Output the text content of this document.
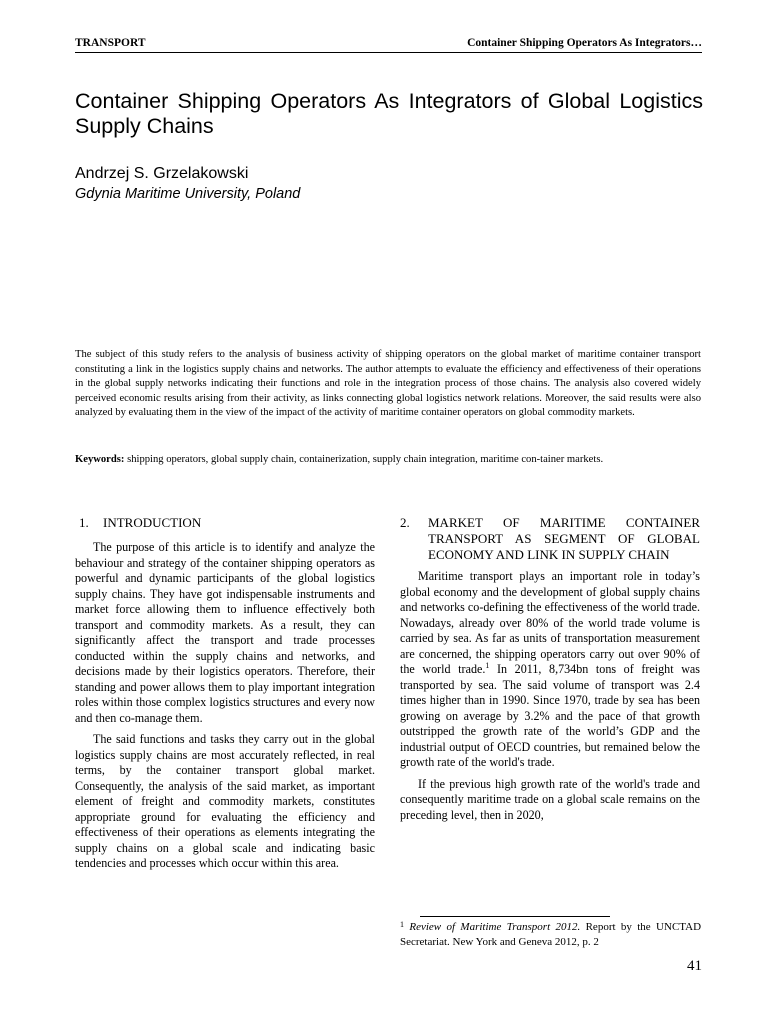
TRANSPORT	Container Shipping Operators As Integrators…
Container Shipping Operators As Integrators of Global Logistics Supply Chains
Andrzej S. Grzelakowski
Gdynia Maritime University, Poland

The subject of this study refers to the analysis of business activity of shipping operators on the global market of maritime container transport constituting a link in the logistics supply chains and networks. The author attempts to evaluate the efficiency and effectiveness of their operations in the global supply networks indicating their functions and role in the integration process of those chains. The analysis also covered widely perceived economic results arising from their activity, as links connecting global logistics network relations. Moreover, the said results were also analyzed by evaluating them in the view of the impact of the activity of maritime container operators on global commodity markets.

Keywords: shipping operators, global supply chain, containerization, supply chain integration, maritime con-tainer markets.

1.	INTRODUCTION

The purpose of this article is to identify and analyze the behaviour and strategy of the container shipping operators as powerful and dynamic participants of the global logistics supply chains. They have got indispensable instruments and market force allowing them to influence effectively both transport and commodity markets. As a result, they can significantly affect the transport and trade processes conducted within the supply chains and networks, and decisions made by their logistics operators. Therefore, their standing and power allows them to play important integration roles within those complex logistics structures and every now and then co-manage them.

The said functions and tasks they carry out in the global logistics supply chains are most accurately reflected, in real terms, by the container transport global market. Consequently, the analysis of the said market, as important element of freight and commodity markets, constitutes appropriate ground for evaluating the efficiency and effectiveness of their operations as elements integrating the supply chains on a global scale and indicating basic tendencies and processes which occur within this area.

2.	MARKET OF MARITIME CONTAINER TRANSPORT AS SEGMENT OF GLOBAL ECONOMY AND LINK IN SUPPLY CHAIN

Maritime transport plays an important role in today’s global economy and the development of global supply chains and networks co-defining the effectiveness of the world trade. Nowadays, already over 80% of the world trade volume is carried by sea. As far as units of transportation measurement are concerned, the shipping operators carry out over 90% of the world trade.$^1$ In 2011, 8,734bn tons of freight was transported by sea. The said volume of transport was 2.4 times higher than in 1990. Since 1970, trade by sea has been growing on average by 3.2% and the pace of that growth outstripped the growth rate of the world’s GDP and the industrial output of OECD countries, but remained below the growth rate of the world's trade.

If the previous high growth rate of the world's trade and consequently maritime trade on a global scale remains on the preceding level, then in 2020,

$^1$ Review of Maritime Transport 2012. Report by the UNCTAD Secretariat. New York and Geneva 2012, p. 2

41
